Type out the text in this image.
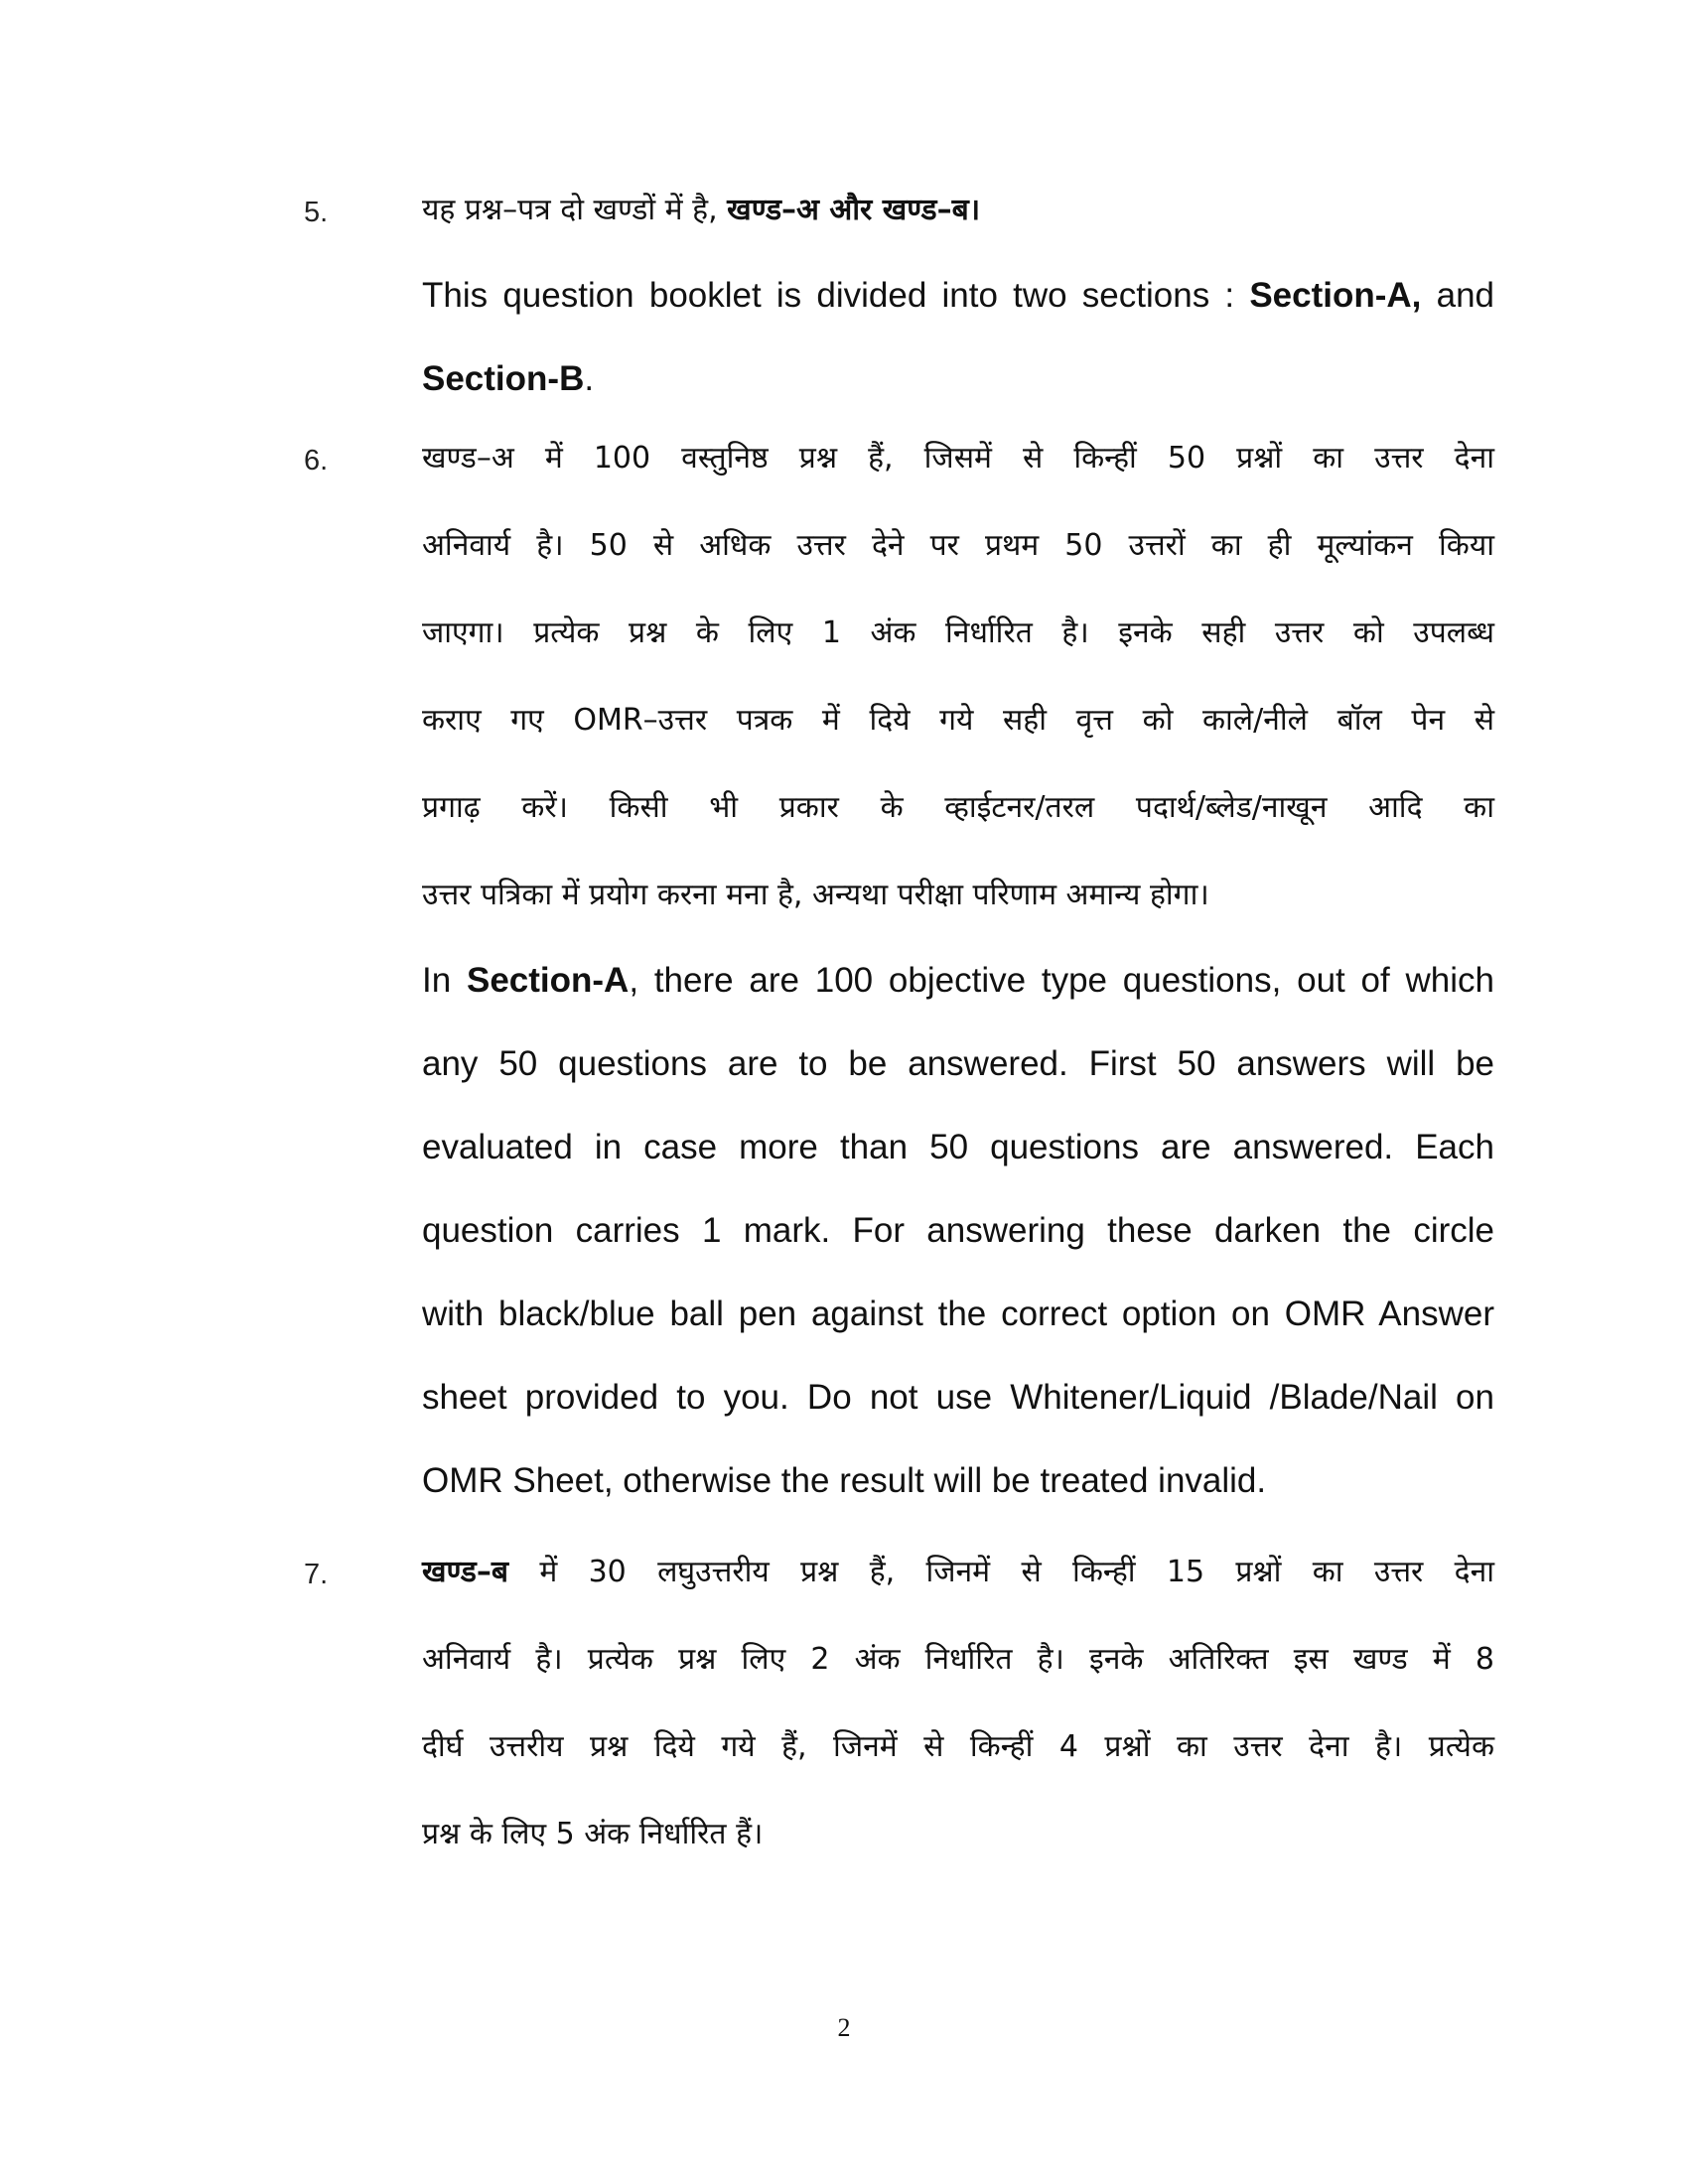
5.	यह प्रश्न–पत्र दो खण्डों में है, खण्ड–अ और खण्ड–ब।
This question booklet is divided into two sections : Section-A, and
Section-B.
6.	खण्ड–अ में 100 वस्तुनिष्ठ प्रश्न हैं, जिसमें से किन्हीं 50 प्रश्नों का उत्तर देना
अनिवार्य है। 50 से अधिक उत्तर देने पर प्रथम 50 उत्तरों का ही मूल्यांकन किया
जाएगा। प्रत्येक प्रश्न के लिए 1 अंक निर्धारित है। इनके सही उत्तर को उपलब्ध
कराए गए OMR–उत्तर पत्रक में दिये गये सही वृत्त को काले/नीले बॉल पेन से
प्रगाढ़ करें। किसी भी प्रकार के व्हाईटनर/तरल पदार्थ/ब्लेड/नाखून आदि का
उत्तर पत्रिका में प्रयोग करना मना है, अन्यथा परीक्षा परिणाम अमान्य होगा।
In Section-A, there are 100 objective type questions, out of which
any 50 questions are to be answered. First 50 answers will be
evaluated in case more than 50 questions are answered. Each
question carries 1 mark. For answering these darken the circle
with black/blue ball pen against the correct option on OMR Answer
sheet provided to you. Do not use Whitener/Liquid /Blade/Nail on
OMR Sheet, otherwise the result will be treated invalid.
7.	खण्ड–ब में 30 लघुउत्तरीय प्रश्न हैं, जिनमें से किन्हीं 15 प्रश्नों का उत्तर देना
अनिवार्य है। प्रत्येक प्रश्न लिए 2 अंक निर्धारित है। इनके अतिरिक्त इस खण्ड में 8
दीर्घ उत्तरीय प्रश्न दिये गये हैं, जिनमें से किन्हीं 4 प्रश्नों का उत्तर देना है। प्रत्येक
प्रश्न के लिए 5 अंक निर्धारित हैं।
2
